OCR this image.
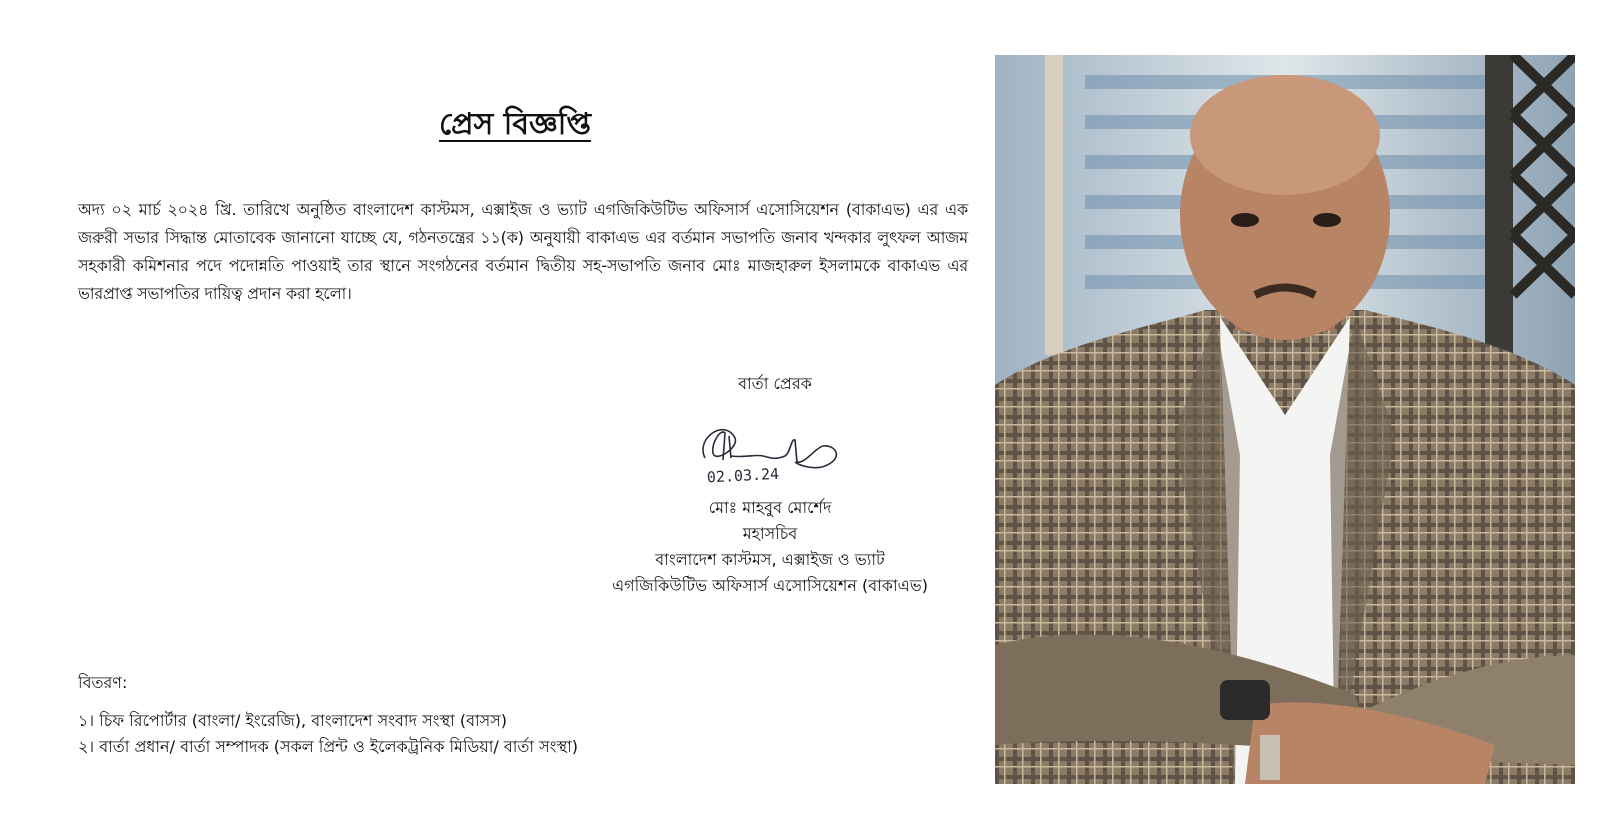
প্রেস বিজ্ঞপ্তি
অদ্য ০২ মার্চ ২০২৪ খ্রি. তারিখে অনুষ্ঠিত বাংলাদেশ কাস্টমস, এক্সাইজ ও ভ্যাট এগজিকিউটিভ অফিসার্স এসোসিয়েশন (বাকাএভ) এর এক জরুরী সভার সিদ্ধান্ত মোতাবেক জানানো যাচ্ছে যে, গঠনতন্ত্রের ১১(ক) অনুযায়ী বাকাএভ এর বর্তমান সভাপতি জনাব খন্দকার লুৎফল আজম সহকারী কমিশনার পদে পদোন্নতি পাওয়াই তার স্থানে সংগঠনের বর্তমান দ্বিতীয় সহ-সভাপতি জনাব মোঃ মাজহারুল ইসলামকে বাকাএভ এর ভারপ্রাপ্ত সভাপতির দায়িত্ব প্রদান করা হলো।
বার্তা প্রেরক
02.03.24
মোঃ মাহবুব মোর্শেদ
মহাসচিব
বাংলাদেশ কাস্টমস, এক্সাইজ ও ভ্যাট
এগজিকিউটিভ অফিসার্স এসোসিয়েশন (বাকাএভ)
বিতরণ:
১। চিফ রিপোর্টার (বাংলা/ ইংরেজি), বাংলাদেশ সংবাদ সংস্থা (বাসস)
২। বার্তা প্রধান/ বার্তা সম্পাদক (সকল প্রিন্ট ও ইলেকট্রনিক মিডিয়া/ বার্তা সংস্থা)
